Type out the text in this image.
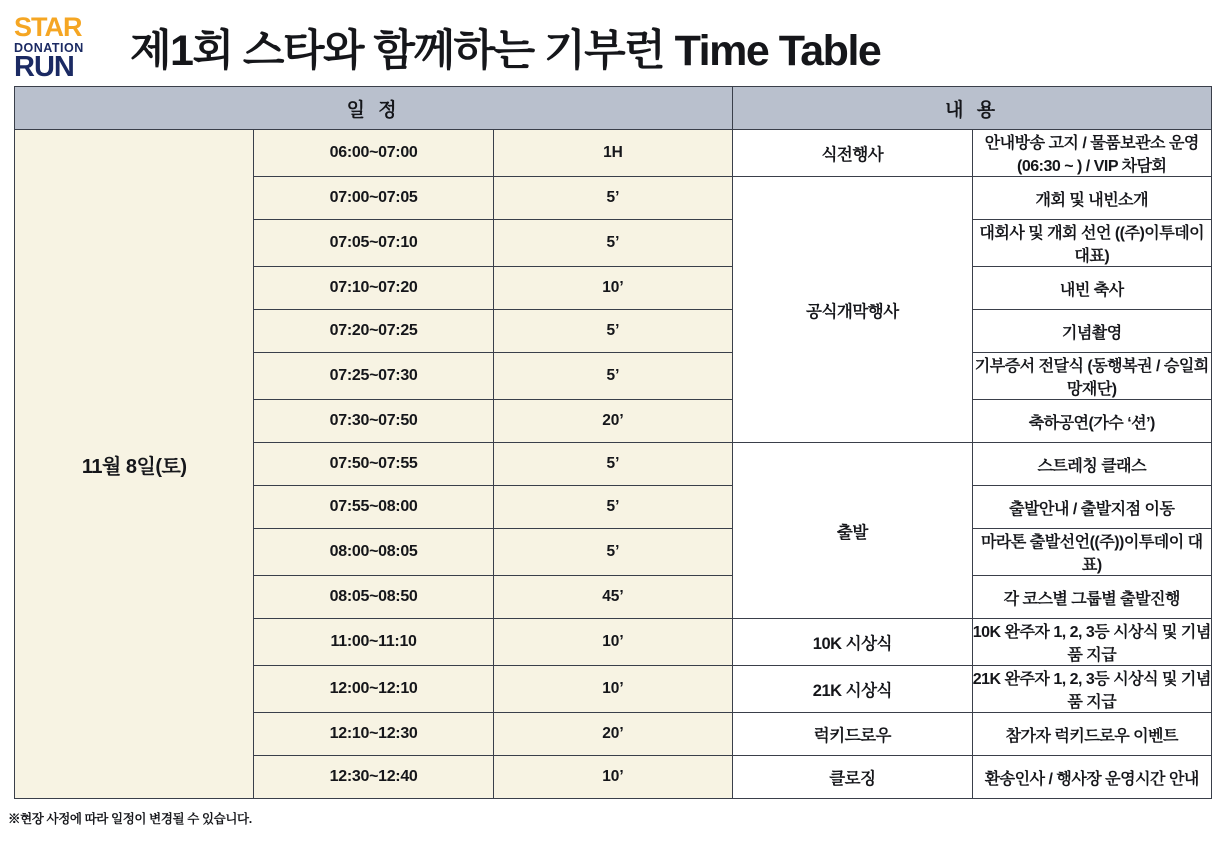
STAR
DONATION
RUN	제1회 스타와 함께하는 기부런 Time Table
일 정			내 용	
11월 8일(토)	06:00~07:00	1H	식전행사	안내방송 고지 / 물품보관소 운영(06:30 ~ ) / VIP 차담회
	07:00~07:05	5’	공식개막행사	개회 및 내빈소개
	07:05~07:10	5’		대회사 및 개회 선언 ((주)이투데이 대표)
	07:10~07:20	10’		내빈 축사
	07:20~07:25	5’		기념촬영
	07:25~07:30	5’		기부증서 전달식 (동행복권 / 승일희망재단)
	07:30~07:50	20’		축하공연(가수 ‘션’)
	07:50~07:55	5’	출발	스트레칭 클래스
	07:55~08:00	5’		출발안내 / 출발지점 이동
	08:00~08:05	5’		마라톤 출발선언((주))이투데이 대표)
	08:05~08:50	45’		각 코스별 그룹별 출발진행
	11:00~11:10	10’	10K 시상식	10K 완주자 1, 2, 3등 시상식 및 기념품 지급
	12:00~12:10	10’	21K 시상식	21K 완주자 1, 2, 3등 시상식 및 기념품 지급
	12:10~12:30	20’	럭키드로우	참가자 럭키드로우 이벤트
	12:30~12:40	10’	클로징	환송인사 / 행사장 운영시간 안내
※현장 사정에 따라 일정이 변경될 수 있습니다.
